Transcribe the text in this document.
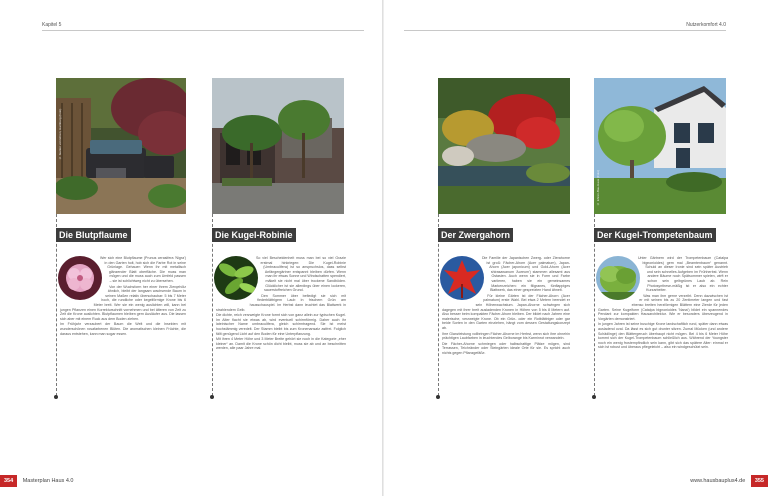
Kapitel 5
© Garten von Ehren, Hamburg (Foto)
Die Blutpflaume

Wer sich eine Blutpflaume (Prunus cerasifera 'Nigra') in den Garten holt, hob sich die Farbe Rot in seine Grünlage. Gehauer: Wenn ihr mit metallisch glänzender Blatt oberfläche. Die muss man mögen und die muss auch zum Umfeld passen – sie ist schlichtweg nicht zu übersehen.

Von der Wuchsform her einer ihrem Zierqehölz ähnlich, bleibt der langsam wachsende Baum in seinen Maßen relativ überschaubar: 5 bis 7 Meter hoch, die rundliche oder kegelförmige Krone bis 6 Meter breit. Wer sie ein wenig auslichten will, kann bei jungen Pflanzen einen Korrekturschnitt vornehmen und bei älteren von Zeit zu Zeit die Krone auslichten. Blutpflaumen bleiben gern Ausläufer aus. Die lassen sich aber mit einem Ruck aus dem Boden ziehen.

Im Frühjahr verzaubert der Baum die Welt und die Insekten mit wunderschönen rosafarbenen Blüten. Die aromatischen kleinen Früchte, die daraus entstehen, kann man sogar essen.

Die Kugel-Robinie

So viel Bescheidenheit muss man bei so viel Grazie erstmal hinkriegen: Die Kugel-Robinie (Umbraculifera) ist so anspruchslos, dass selbst Anfängergärtner entspannt bleiben dürfen. Wenn man ihr etwas Sonne und Windschatten spendiert, mäkelt sie nicht mal über trockene Sandböden. Glücklicher ist sie allerdings über einen lockeren, sauerstoffreichen Grund.

Den Sommer über befiedigt sie sich mit fiederblättrigem Laub in frischem Grün am hausschauspiel. Im Herbst dann leuchtet das Blattwerk in strahlendem Gelb.

Die dichte, reich verzweigte Krone formt sich von ganz allein zur typischen Kugel. Im Alter flacht sie etwas ab, wird eventuell schirmförmig. Daher auch ihr lateinischer Name umbraculifera, gleich schirmtragend. Sie ist meist hochstämmig veredelt. Der Stamm bleibt bis zum Kronenansatz astfrei. Folglich fällt genügend Licht auf den Boden für eine Unterpflanzung.

Mit ihren 4 Meter Höhe und 3 Meter Breite gehört sie noch in die Kategorie „eher kleiner“ an. Damit die Krone schön dicht bleibt, muss sie ab und an beschnitten werden, alle paar Jahre mal.

354 Masterplan Haus 4.0
Nutzerkomfort 4.0
Der Zwergahorn

Die Familie der Japanischen Zwerg- oder Zierahorne ist groß: Fächer-Ahorn (Acer palmatum), Japan-Ahorn (Acer japonicum) und Gold-Ahorn (Acer shirasawanum 'Aureum') stammen allesamt aus Ostasien. Auch wenn sie in Form und Farbe variieren, haben sie ein gemeinsames Markenzeichen: ein filigranes, fünflappiges Blattwerk, das einer gespreizten Hand ähnelt.

Für kleine Gärten ist der Fächer-Ahorn (Acer palmatum) erste Wahl. Bei etwa 2 Metern beendet er sein Höhenwachstum. Japan-Ahorne schwingen sich dagegen mit ihrer breit ausladenden Kronen in Höhen von 5 bis 8 Metern auf. Also besser beim kompakten Fächer-Ahorn bleiben. Der bildet nach Jahren eine malerische, verzweigte Krone. Ob ein Grün- oder ein Rotblättriger oder gar beide Sorten in den Garten einziehen, hängt vom dessen Gestaltungskonzept ab.

Ihre Glanzleistung vollbringen Fächer-Ahorne im Herbst, wenn sich ihre ohnehin prächtigen Laubfarben in leuchtendes Gelborange bis Karminrot verwandeln.

Die Fächer-Ahorne schmiegen oder halbschattige Plätze mögen, sind Terrassen, Teichränder oder Steingärten ideale Orte für sie. Es spricht auch nichts gegen Pflanzgefäße.

© Ehren-Bau-Haus (Foto)
Der Kugel-Trompetenbaum

Unter Gärtnern wird der Trompetenbaum (Catalpa bignonioides) gern mal „Beamtenbaum“ genannt. Schuld an dieser Ironie sind sein später Austrieb und sein schnelles Aufgeben im Frühherbst. Wenn andere Bäume noch Spätsommer spielen, wirft er schon sein gelbgrünes Laub ab. Rein Photosynthese-mäßig ist er also ein echter Kurzarbeiter.

Was man ihm gerne verzeiht. Denn dazwischen ist er mit seinen bis zu 20 Zentimeter langen und fast ebenso breiten herzförmigen Blättern eine Zierde für jeden Garten. Seine Kugelform (Catalpa bignonioides 'Nana') bildet ein spannendes Pendant zur kompakten Hausarchitektur. Wie er besonders überzeugend in Vorgärten demonstriert.

In jungen Jahren ist seine buschige Krone landschaftlich rund, später dann etwas ausladend oval. Da lässt es sich gut drunter sitzen. Zumal Mücken (und andere Schädlinge) den Blättergeruch überhaupt nicht mögen. Bei 4 bis 6 Meter Höhe kommt sich der Kugel-Trompetenbaum schließlich aus. Während der Youngster noch ein wenig frostempfindlich sein kann, gibt sich das spätere Alter: einmal er sich ist robust und überaus pflegeleicht – also ein windgeschützt sein.

www.hausbauplus4.de 355
